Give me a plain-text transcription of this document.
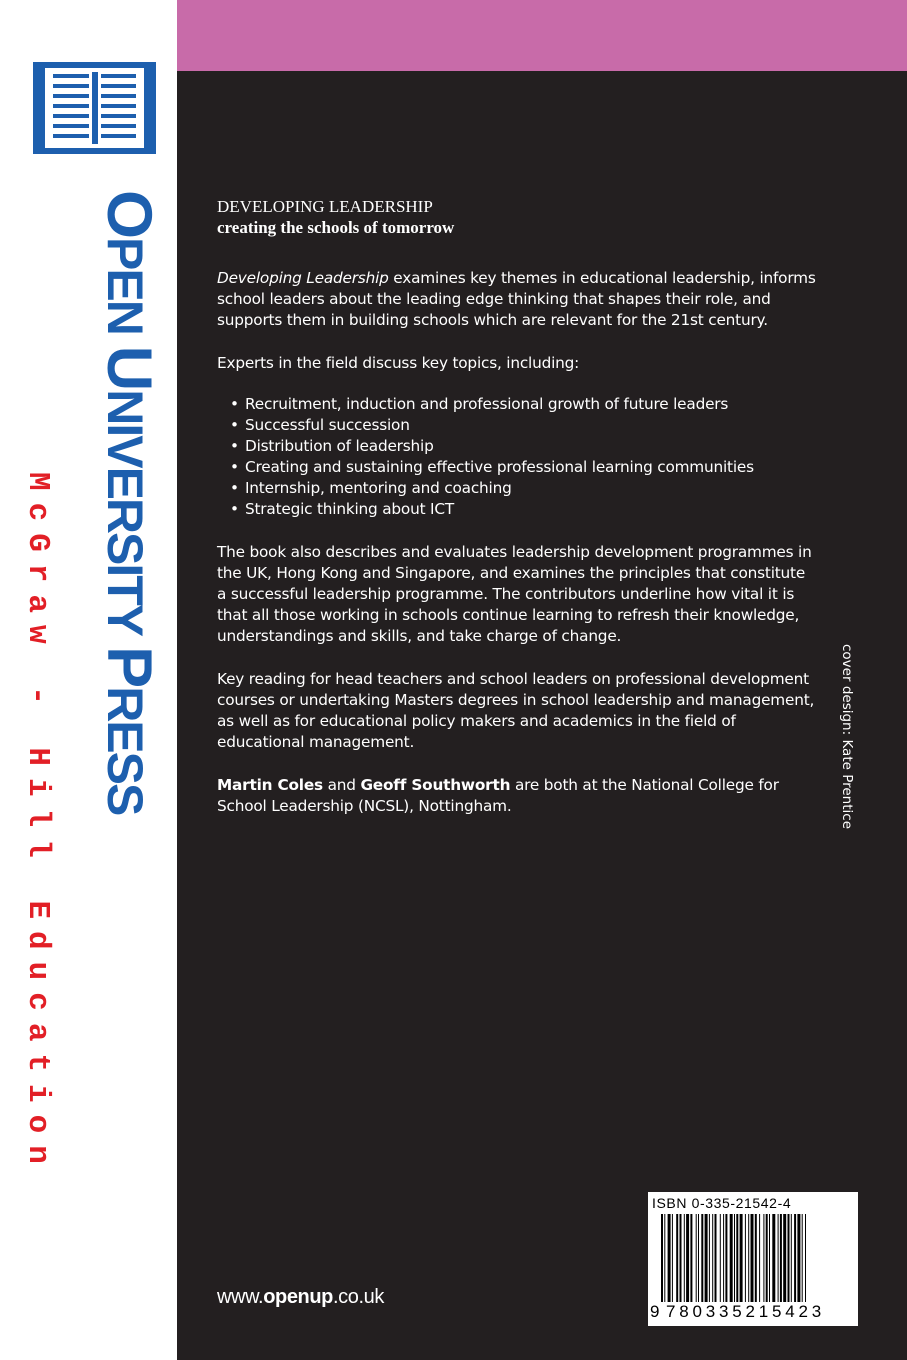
OPEN UNIVERSITY PRESS
McGraw - Hill Education

DEVELOPING LEADERSHIP
creating the schools of tomorrow

Developing Leadership examines key themes in educational leadership, informs school leaders about the leading edge thinking that shapes their role, and supports them in building schools which are relevant for the 21st century.

Experts in the field discuss key topics, including:

• Recruitment, induction and professional growth of future leaders
• Successful succession
• Distribution of leadership
• Creating and sustaining effective professional learning communities
• Internship, mentoring and coaching
• Strategic thinking about ICT

The book also describes and evaluates leadership development programmes in the UK, Hong Kong and Singapore, and examines the principles that constitute a successful leadership programme. The contributors underline how vital it is that all those working in schools continue learning to refresh their knowledge, understandings and skills, and take charge of change.

Key reading for head teachers and school leaders on professional development courses or undertaking Masters degrees in school leadership and management, as well as for educational policy makers and academics in the field of educational management.

Martin Coles and Geoff Southworth are both at the National College for School Leadership (NCSL), Nottingham.	cover design: Kate Prentice
www.openup.co.uk
ISBN 0-335-21542-4
9 780335215423
